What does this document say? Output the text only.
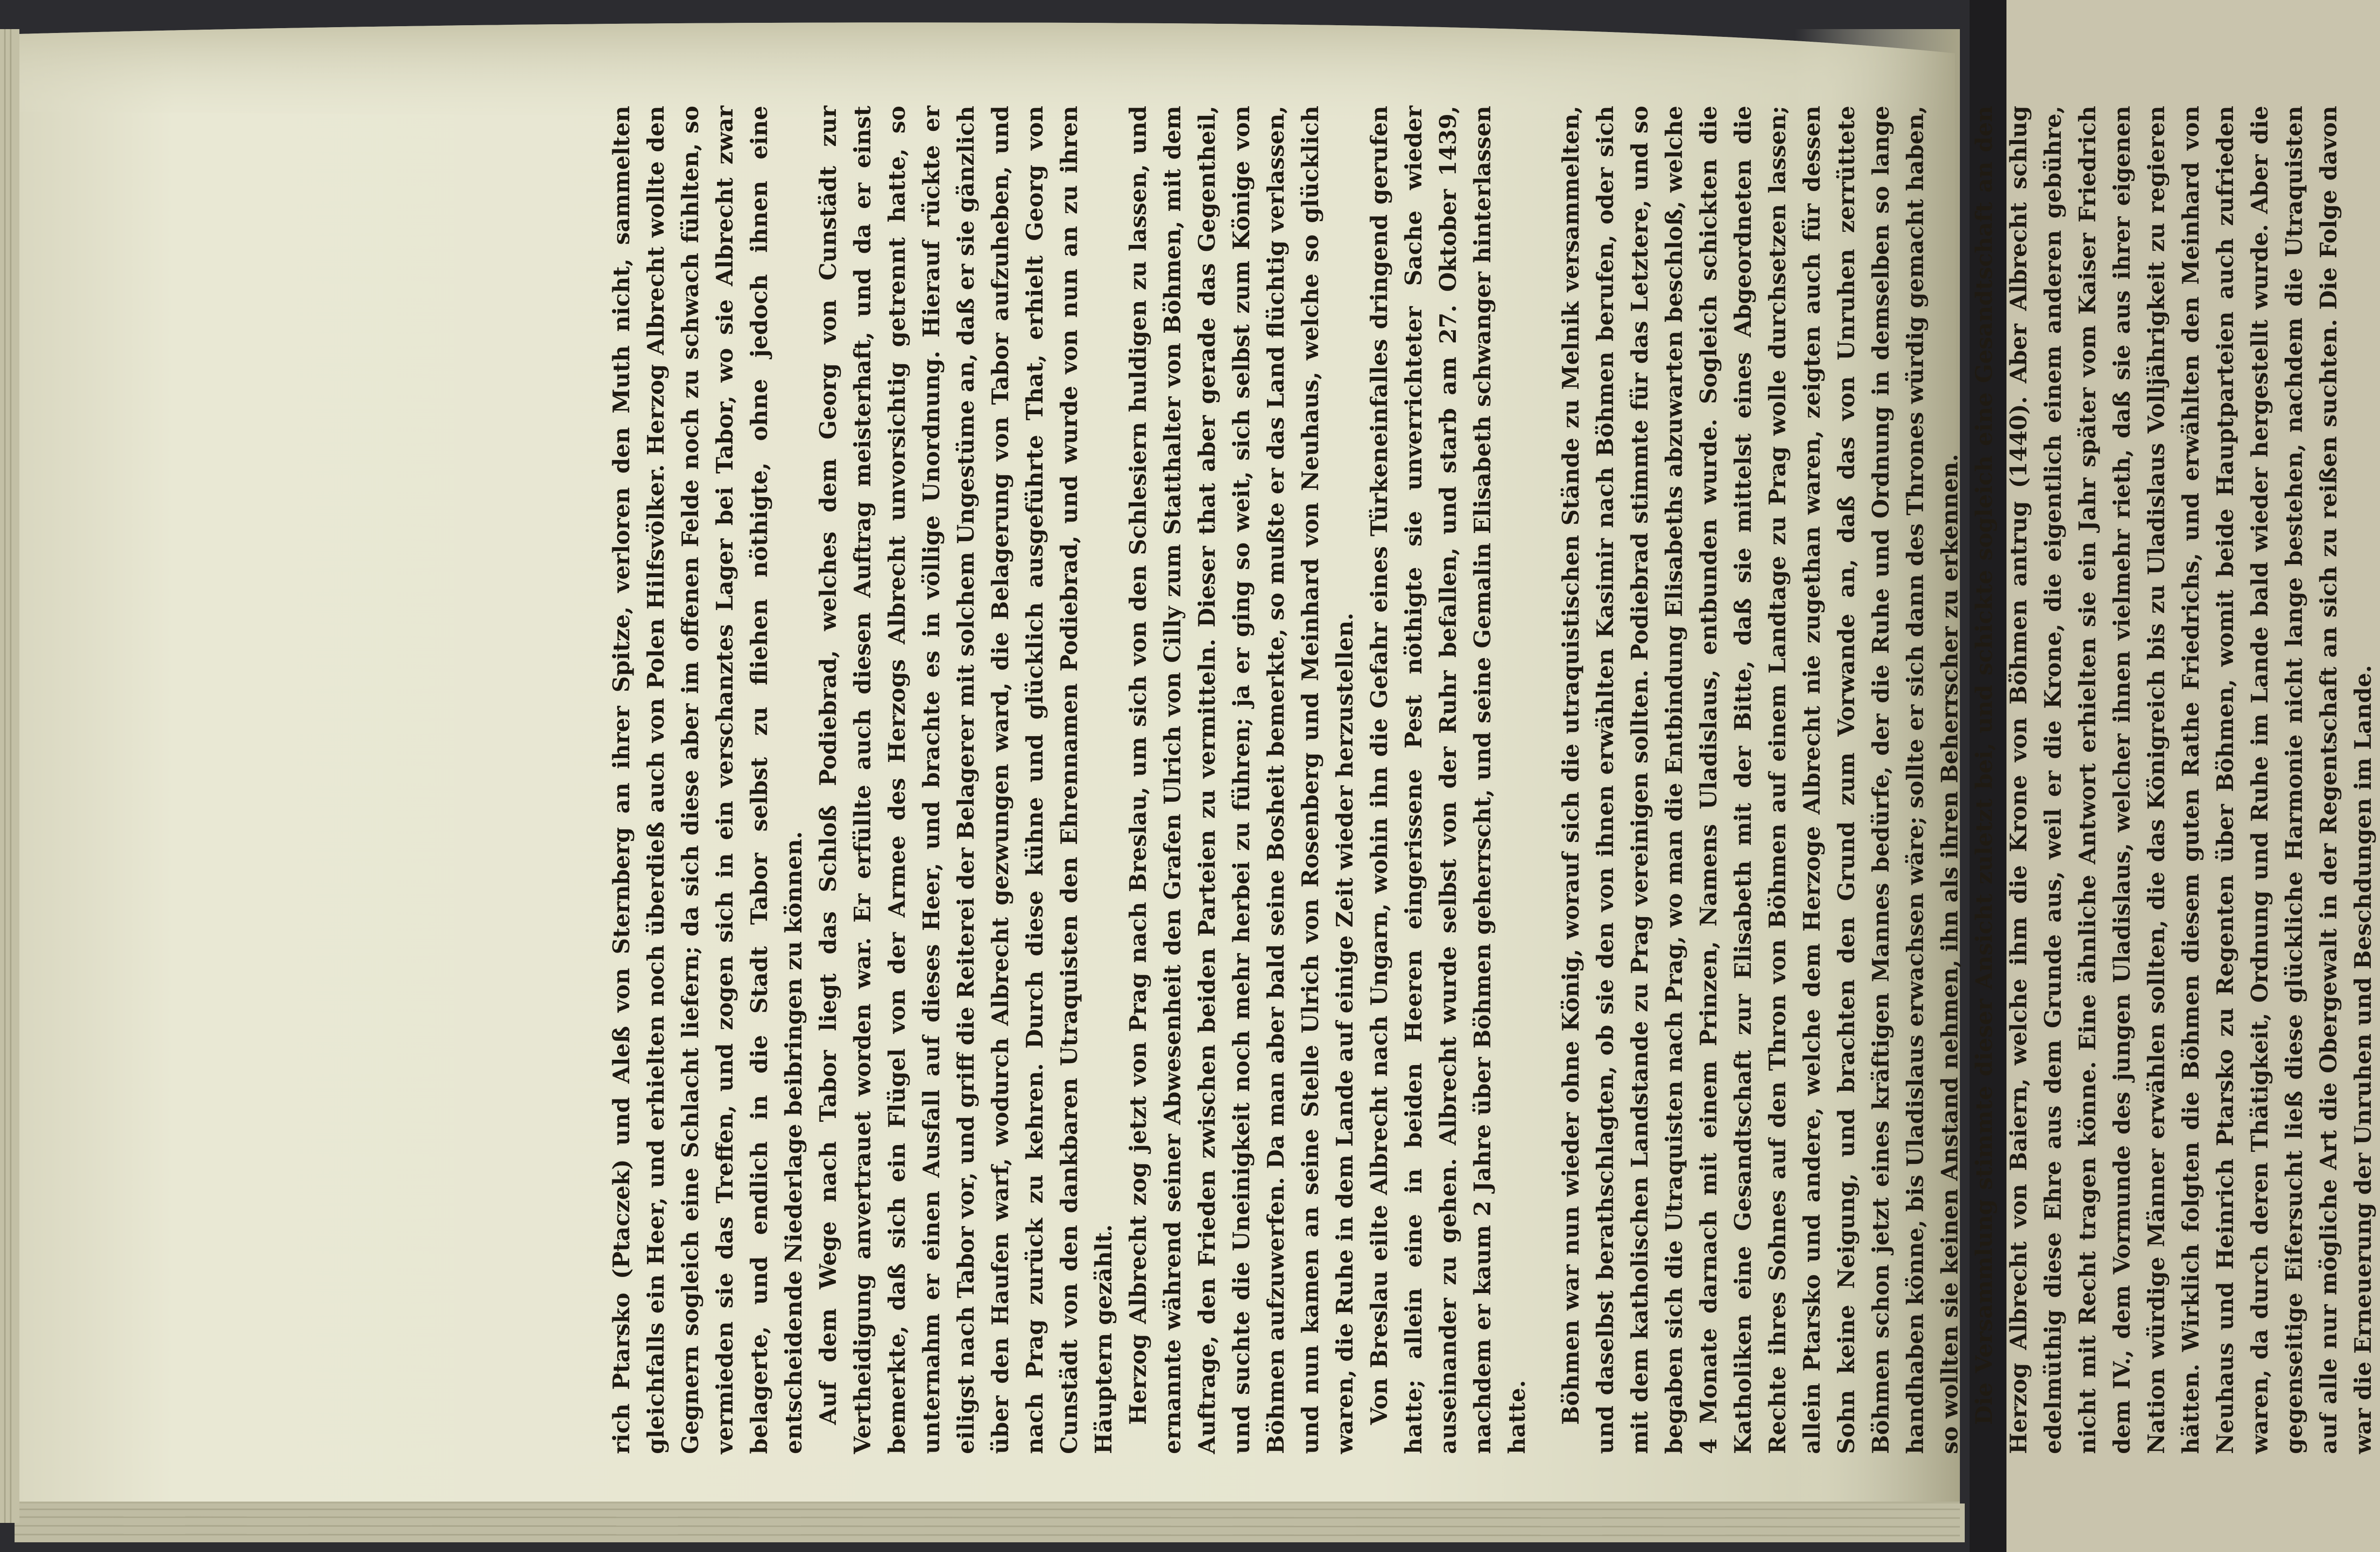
rich Ptarsko (Ptaczek) und Aleß von Sternberg an ihrer Spitze, verloren den Muth nicht, sammelten gleichfalls ein Heer, und erhielten noch überdieß auch von Polen Hilfsvölker. Herzog Albrecht wollte den Gegnern sogleich eine Schlacht liefern; da sich diese aber im offenen Felde noch zu schwach fühlten, so vermieden sie das Treffen, und zogen sich in ein verschanztes Lager bei Tabor, wo sie Albrecht zwar belagerte, und endlich in die Stadt Tabor selbst zu fliehen nöthigte, ohne jedoch ihnen eine entscheidende Niederlage beibringen zu können. Auf dem Wege nach Tabor liegt das Schloß Podiebrad, welches dem Georg von Cunstädt zur Vertheidigung anvertrauet worden war. Er erfüllte auch diesen Auftrag meisterhaft, und da er einst bemerkte, daß sich ein Flügel von der Armee des Herzogs Albrecht unvorsichtig getrennt hatte, so unternahm er einen Ausfall auf dieses Heer, und brachte es in völlige Unordnung. Hierauf rückte er eiligst nach Tabor vor, und griff die Reiterei der Belagerer mit solchem Ungestüme an, daß er sie gänzlich über den Haufen warf, wodurch Albrecht gezwungen ward, die Belagerung von Tabor aufzuheben, und nach Prag zurück zu kehren. Durch diese kühne und glücklich ausgeführte That, erhielt Georg von Cunstädt von den dankbaren Utraquisten den Ehrennamen Podiebrad, und wurde von nun an zu ihren Häuptern gezählt. Herzog Albrecht zog jetzt von Prag nach Breslau, um sich von den Schlesiern huldigen zu lassen, und ernannte während seiner Abwesenheit den Grafen Ulrich von Cilly zum Statthalter von Böhmen, mit dem Auftrage, den Frieden zwischen beiden Parteien zu vermitteln. Dieser that aber gerade das Gegentheil, und suchte die Uneinigkeit noch mehr herbei zu führen; ja er ging so weit, sich selbst zum Könige von Böhmen aufzuwerfen. Da man aber bald seine Bosheit bemerkte, so mußte er das Land flüchtig verlassen, und nun kamen an seine Stelle Ulrich von Rosenberg und Meinhard von Neuhaus, welche so glücklich waren, die Ruhe in dem Lande auf einige Zeit wieder herzustellen. Von Breslau eilte Albrecht nach Ungarn, wohin ihn die Gefahr eines Türkeneinfalles dringend gerufen hatte; allein eine in beiden Heeren eingerissene Pest nöthigte sie unverrichteter Sache wieder auseinander zu gehen. Albrecht wurde selbst von der Ruhr befallen, und starb am 27. Oktober 1439, nachdem er kaum 2 Jahre über Böhmen geherrscht, und seine Gemalin Elisabeth schwanger hinterlassen hatte. Böhmen war nun wieder ohne König, worauf sich die utraquistischen Stände zu Melnik versammelten, und daselbst berathschlagten, ob sie den von ihnen erwählten Kasimir nach Böhmen berufen, oder sich mit dem katholischen Landstande zu Prag vereinigen sollten. Podiebrad stimmte für das Letztere, und so begaben sich die Utraquisten nach Prag, wo man die Entbindung Elisabeths abzuwarten beschloß, welche 4 Monate darnach mit einem Prinzen, Namens Uladislaus, entbunden wurde. Sogleich schickten die Katholiken eine Gesandtschaft zur Elisabeth mit der Bitte, daß sie mittelst eines Abgeordneten die Rechte ihres Sohnes auf den Thron von Böhmen auf einem Landtage zu Prag wolle durchsetzen lassen; allein Ptarsko und andere, welche dem Herzoge Albrecht nie zugethan waren, zeigten auch für dessen Sohn keine Neigung, und brachten den Grund zum Vorwande an, daß das von Unruhen zerrüttete Böhmen schon jetzt eines kräftigen Mannes bedürfe, der die Ruhe und Ordnung in demselben so lange handhaben könne, bis Uladislaus erwachsen wäre; sollte er sich dann des Thrones würdig gemacht haben, so wollten sie keinen Anstand nehmen, ihn als ihren Beherrscher zu erkennen. Die Versammlung stimmte dieser Ansicht zuletzt bei, und schickte sogleich eine Gesandtschaft an den Herzog Albrecht von Baiern, welche ihm die Krone von Böhmen antrug (1440). Aber Albrecht schlug edelmüthig diese Ehre aus dem Grunde aus, weil er die Krone, die eigentlich einem anderen gebühre, nicht mit Recht tragen könne. Eine ähnliche Antwort erhielten sie ein Jahr später vom Kaiser Friedrich dem IV., dem Vormunde des jungen Uladislaus, welcher ihnen vielmehr rieth, daß sie aus ihrer eigenen Nation würdige Männer erwählen sollten, die das Königreich bis zu Uladislaus Volljährigkeit zu regieren hätten. Wirklich folgten die Böhmen diesem guten Rathe Friedrichs, und erwählten den Meinhard von Neuhaus und Heinrich Ptarsko zu Regenten über Böhmen, womit beide Hauptparteien auch zufrieden waren, da durch deren Thätigkeit, Ordnung und Ruhe im Lande bald wieder hergestellt wurde. Aber die gegenseitige Eifersucht ließ diese glückliche Harmonie nicht lange bestehen, nachdem die Utraquisten auf alle nur mögliche Art die Obergewalt in der Regentschaft an sich zu reißen suchten. Die Folge davon war die Erneuerung der Unruhen und Beschdungen im Lande.
